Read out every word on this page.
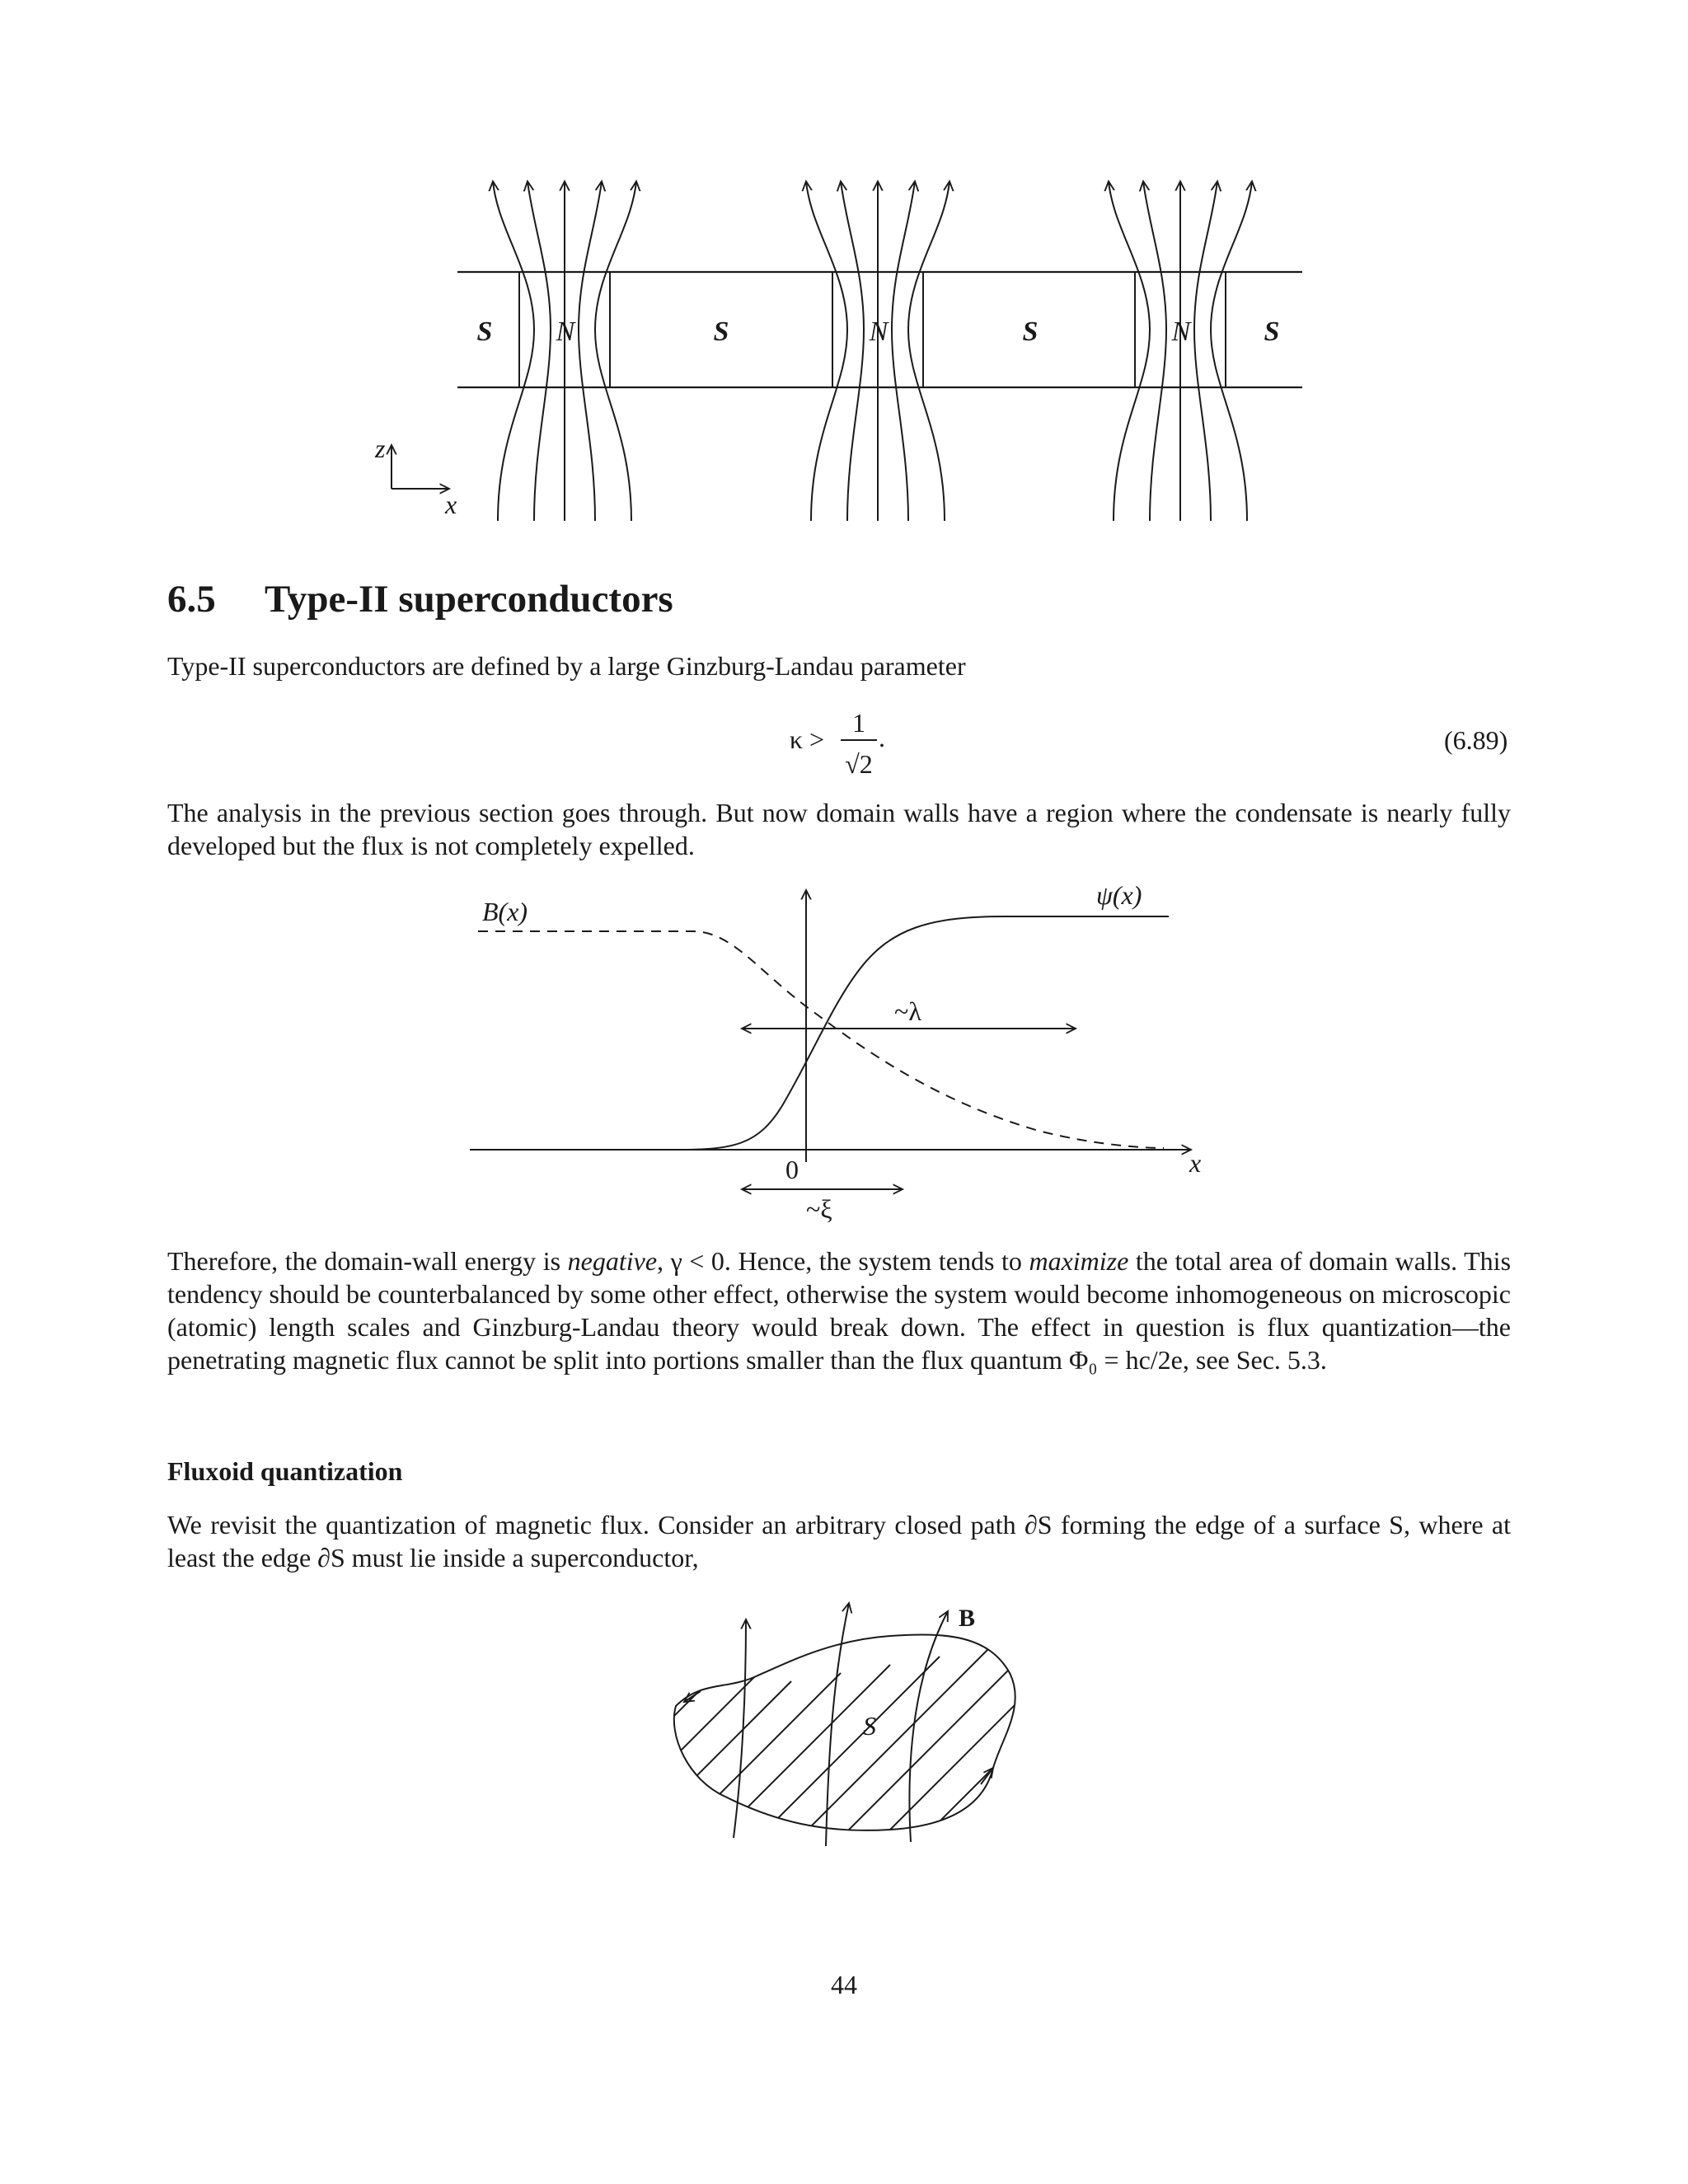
S N	S	N	S	N	S
z
x
6.5 Type-II superconductors
Type-II superconductors are defined by a large Ginzburg-Landau parameter
κ >
1
√2
.	(6.89)
The analysis in the previous section goes through. But now domain walls have a region where the condensate is nearly fully developed but the flux is not completely expelled.
B(x)
ψ(x)
~λ
0
~ξ
x
Therefore, the domain-wall energy is negative, γ < 0. Hence, the system tends to maximize the total area of domain walls. This tendency should be counterbalanced by some other effect, otherwise the system would become inhomogeneous on microscopic (atomic) length scales and Ginzburg-Landau theory would break down. The effect in question is flux quantization—the penetrating magnetic flux cannot be split into portions smaller than the flux quantum Φ₀ = hc/2e, see Sec. 5.3.
Fluxoid quantization
We revisit the quantization of magnetic flux. Consider an arbitrary closed path ∂S forming the edge of a surface S, where at least the edge ∂S must lie inside a superconductor,
S
B
44
